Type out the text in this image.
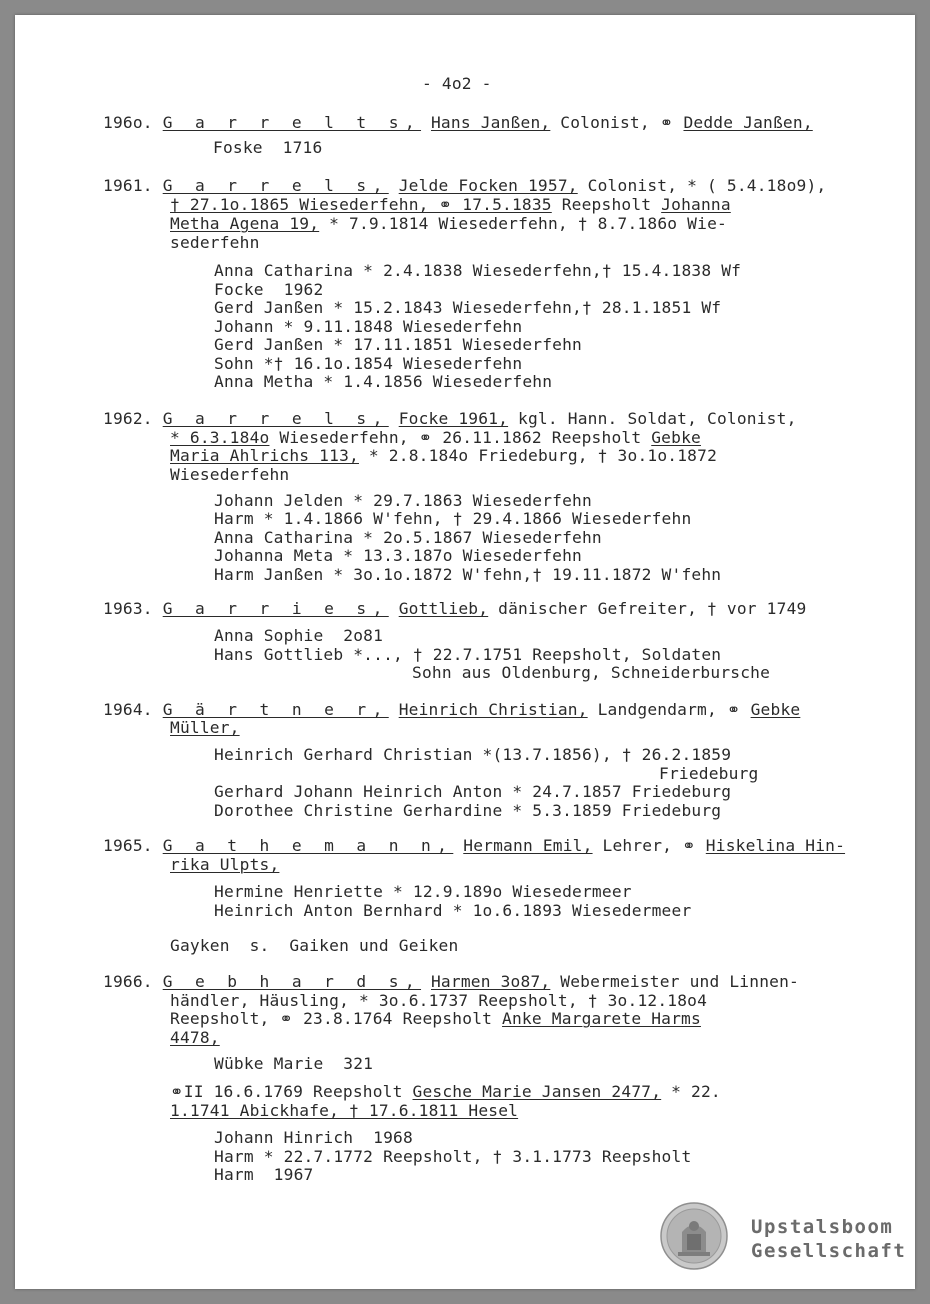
- 4o2 -
196o. G a r r e l t s, Hans Janßen, Colonist, ⚭ Dedde Janßen,
Foske  1716
1961. G a r r e l s, Jelde Focken 1957, Colonist, * ( 5.4.18o9),
† 27.1o.1865 Wiesederfehn, ⚭ 17.5.1835 Reepsholt Johanna
Metha Agena 19, * 7.9.1814 Wiesederfehn, † 8.7.186o Wie-
sederfehn
Anna Catharina * 2.4.1838 Wiesederfehn,† 15.4.1838 Wf
Focke  1962
Gerd Janßen * 15.2.1843 Wiesederfehn,† 28.1.1851 Wf
Johann * 9.11.1848 Wiesederfehn
Gerd Janßen * 17.11.1851 Wiesederfehn
Sohn *† 16.1o.1854 Wiesederfehn
Anna Metha * 1.4.1856 Wiesederfehn
1962. G a r r e l s, Focke 1961, kgl. Hann. Soldat, Colonist,
* 6.3.184o Wiesederfehn, ⚭ 26.11.1862 Reepsholt Gebke
Maria Ahlrichs 113, * 2.8.184o Friedeburg, † 3o.1o.1872
Wiesederfehn
Johann Jelden * 29.7.1863 Wiesederfehn
Harm * 1.4.1866 W'fehn, † 29.4.1866 Wiesederfehn
Anna Catharina * 2o.5.1867 Wiesederfehn
Johanna Meta * 13.3.187o Wiesederfehn
Harm Janßen * 3o.1o.1872 W'fehn,† 19.11.1872 W'fehn
1963. G a r r i e s, Gottlieb, dänischer Gefreiter, † vor 1749
Anna Sophie  2o81
Hans Gottlieb *..., † 22.7.1751 Reepsholt, Soldaten
Sohn aus Oldenburg, Schneiderbursche
1964. G ä r t n e r, Heinrich Christian, Landgendarm, ⚭ Gebke
Müller,
Heinrich Gerhard Christian *(13.7.1856), † 26.2.1859
Friedeburg
Gerhard Johann Heinrich Anton * 24.7.1857 Friedeburg
Dorothee Christine Gerhardine * 5.3.1859 Friedeburg
1965. G a t h e m a n n, Hermann Emil, Lehrer, ⚭ Hiskelina Hin-
rika Ulpts,
Hermine Henriette * 12.9.189o Wiesedermeer
Heinrich Anton Bernhard * 1o.6.1893 Wiesedermeer
Gayken  s.  Gaiken und Geiken
1966. G e b h a r d s, Harmen 3o87, Webermeister und Linnen-
händler, Häusling, * 3o.6.1737 Reepsholt, † 3o.12.18o4
Reepsholt, ⚭ 23.8.1764 Reepsholt Anke Margarete Harms
4478,
Wübke Marie  321
⚭II 16.6.1769 Reepsholt Gesche Marie Jansen 2477, * 22.
1.1741 Abickhafe, † 17.6.1811 Hesel
Johann Hinrich  1968
Harm * 22.7.1772 Reepsholt, † 3.1.1773 Reepsholt
Harm  1967
Upstalsboom
Gesellschaft
